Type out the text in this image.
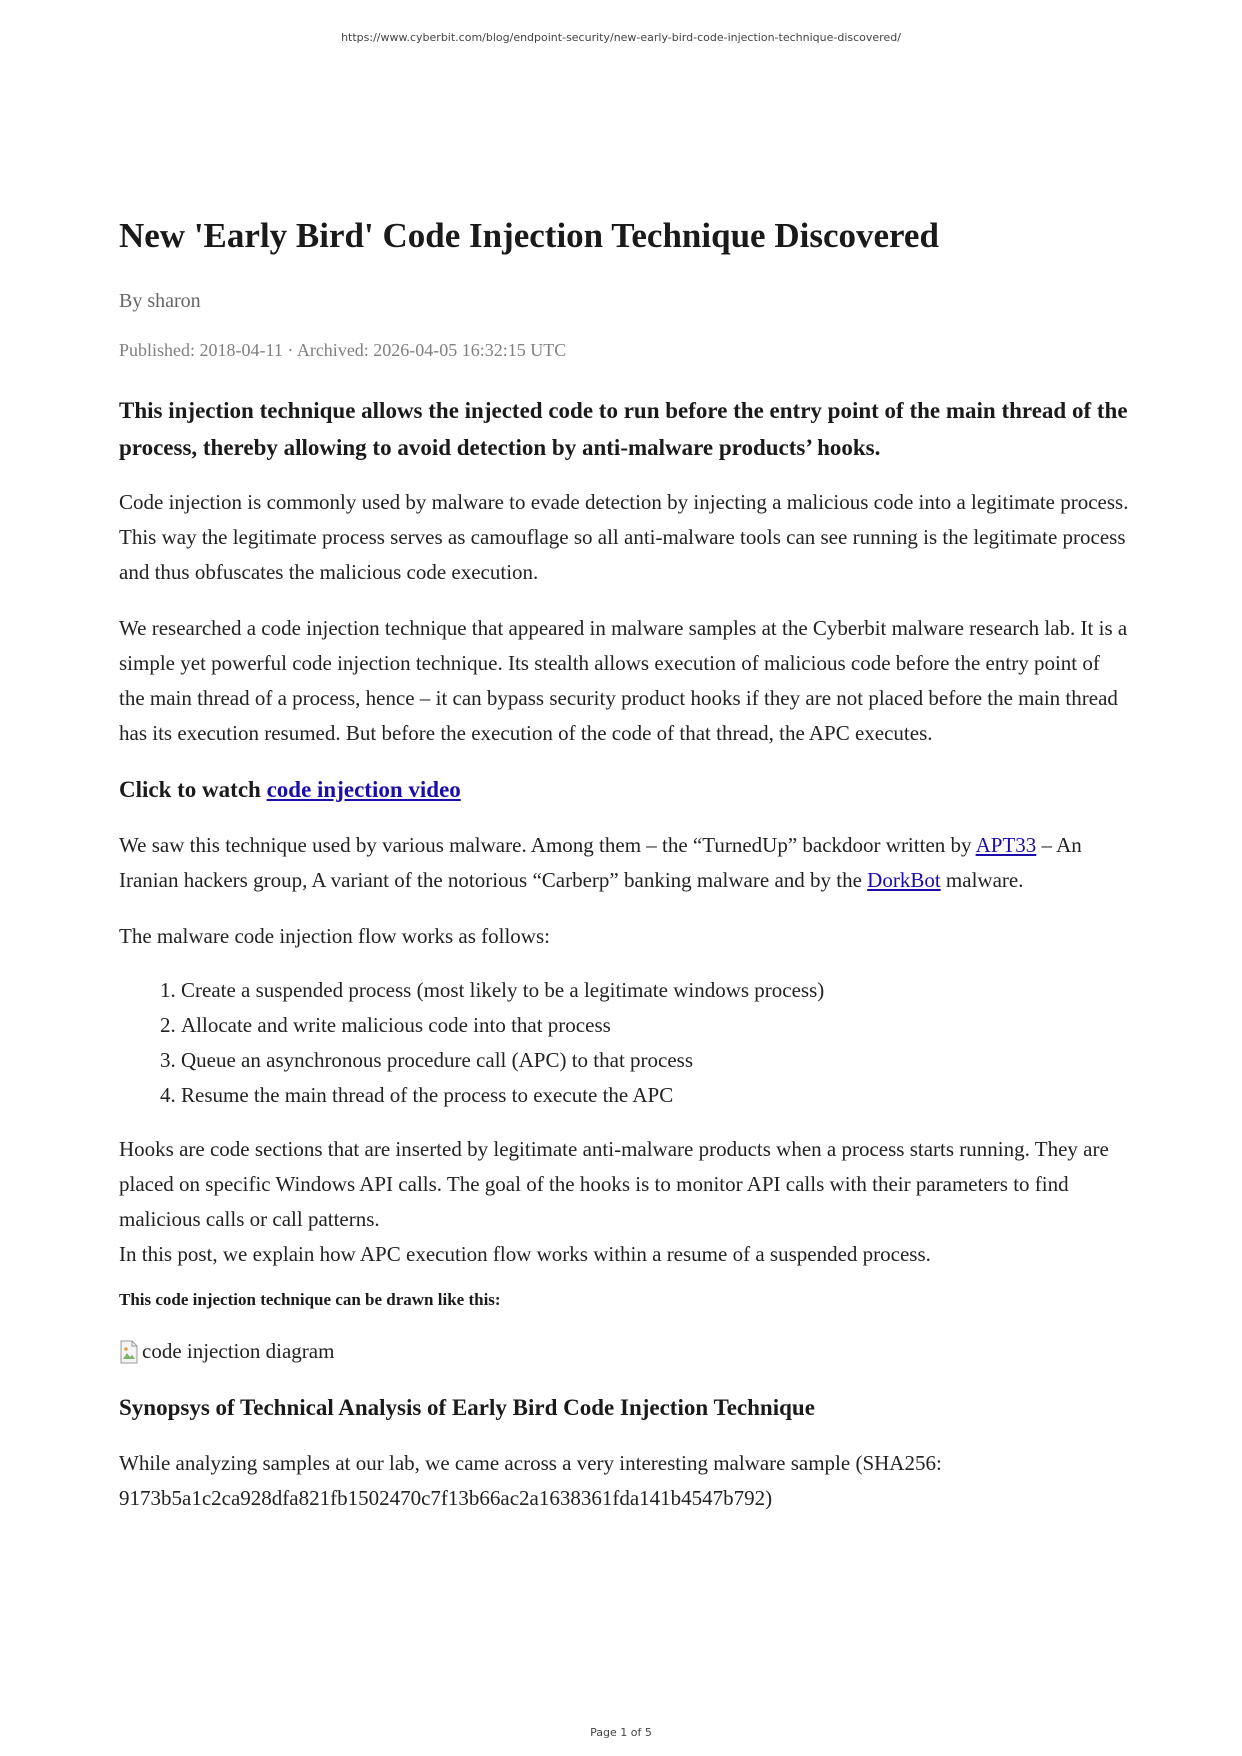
https://www.cyberbit.com/blog/endpoint-security/new-early-bird-code-injection-technique-discovered/
New 'Early Bird' Code Injection Technique Discovered
By sharon
Published: 2018-04-11 · Archived: 2026-04-05 16:32:15 UTC

This injection technique allows the injected code to run before the entry point of the main thread of the process, thereby allowing to avoid detection by anti-malware products’ hooks.

Code injection is commonly used by malware to evade detection by injecting a malicious code into a legitimate process. This way the legitimate process serves as camouflage so all anti-malware tools can see running is the legitimate process and thus obfuscates the malicious code execution.

We researched a code injection technique that appeared in malware samples at the Cyberbit malware research lab. It is a simple yet powerful code injection technique. Its stealth allows execution of malicious code before the entry point of the main thread of a process, hence – it can bypass security product hooks if they are not placed before the main thread has its execution resumed. But before the execution of the code of that thread, the APC executes.

Click to watch code injection video

We saw this technique used by various malware. Among them – the “TurnedUp” backdoor written by APT33 – An Iranian hackers group, A variant of the notorious “Carberp” banking malware and by the DorkBot malware.

The malware code injection flow works as follows:

1. Create a suspended process (most likely to be a legitimate windows process)
2. Allocate and write malicious code into that process
3. Queue an asynchronous procedure call (APC) to that process
4. Resume the main thread of the process to execute the APC

Hooks are code sections that are inserted by legitimate anti-malware products when a process starts running. They are placed on specific Windows API calls. The goal of the hooks is to monitor API calls with their parameters to find malicious calls or call patterns.
In this post, we explain how APC execution flow works within a resume of a suspended process.

This code injection technique can be drawn like this:
code injection diagram
Synopsys of Technical Analysis of Early Bird Code Injection Technique

While analyzing samples at our lab, we came across a very interesting malware sample (SHA256: 9173b5a1c2ca928dfa821fb1502470c7f13b66ac2a1638361fda141b4547b792)

Page 1 of 5
